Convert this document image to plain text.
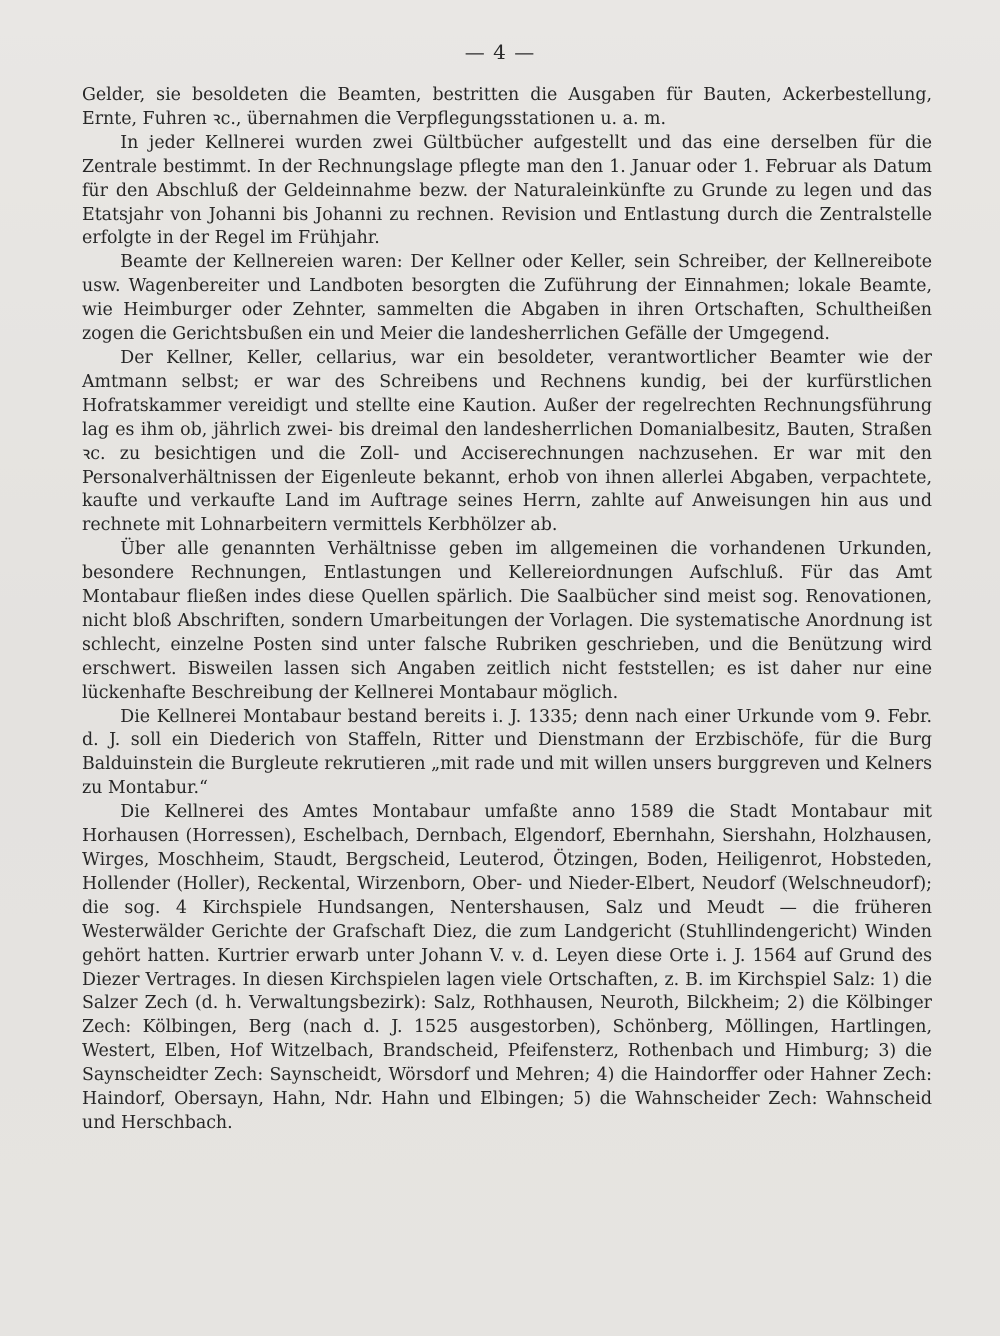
— 4 —

Gelder, sie besoldeten die Beamten, bestritten die Ausgaben für Bauten, Ackerbestellung, Ernte, Fuhren ꝛc., übernahmen die Verpflegungsstationen u. a. m.

In jeder Kellnerei wurden zwei Gültbücher aufgestellt und das eine derselben für die Zentrale bestimmt. In der Rechnungslage pflegte man den 1. Januar oder 1. Februar als Datum für den Abschluß der Geldeinnahme bezw. der Naturaleinkünfte zu Grunde zu legen und das Etatsjahr von Johanni bis Johanni zu rechnen. Revision und Entlastung durch die Zentralstelle erfolgte in der Regel im Frühjahr.

Beamte der Kellnereien waren: Der Kellner oder Keller, sein Schreiber, der Kellnereibote usw. Wagenbereiter und Landboten besorgten die Zuführung der Einnahmen; lokale Beamte, wie Heimburger oder Zehnter, sammelten die Abgaben in ihren Ortschaften, Schultheißen zogen die Gerichtsbußen ein und Meier die landesherrlichen Gefälle der Umgegend.

Der Kellner, Keller, cellarius, war ein besoldeter, verantwortlicher Beamter wie der Amtmann selbst; er war des Schreibens und Rechnens kundig, bei der kurfürstlichen Hofratskammer vereidigt und stellte eine Kaution. Außer der regelrechten Rechnungsführung lag es ihm ob, jährlich zwei- bis dreimal den landesherrlichen Domanialbesitz, Bauten, Straßen ꝛc. zu besichtigen und die Zoll- und Acciserechnungen nachzusehen. Er war mit den Personalverhältnissen der Eigenleute bekannt, erhob von ihnen allerlei Abgaben, verpachtete, kaufte und verkaufte Land im Auftrage seines Herrn, zahlte auf Anweisungen hin aus und rechnete mit Lohnarbeitern vermittels Kerbhölzer ab.

Über alle genannten Verhältnisse geben im allgemeinen die vorhandenen Urkunden, besondere Rechnungen, Entlastungen und Kellereiordnungen Aufschluß. Für das Amt Montabaur fließen indes diese Quellen spärlich. Die Saalbücher sind meist sog. Renovationen, nicht bloß Abschriften, sondern Umarbeitungen der Vorlagen. Die systematische Anordnung ist schlecht, einzelne Posten sind unter falsche Rubriken geschrieben, und die Benützung wird erschwert. Bisweilen lassen sich Angaben zeitlich nicht feststellen; es ist daher nur eine lückenhafte Beschreibung der Kellnerei Montabaur möglich.

Die Kellnerei Montabaur bestand bereits i. J. 1335; denn nach einer Urkunde vom 9. Febr. d. J. soll ein Diederich von Staffeln, Ritter und Dienstmann der Erzbischöfe, für die Burg Balduinstein die Burgleute rekrutieren „mit rade und mit willen unsers burggreven und Kelners zu Montabur.“

Die Kellnerei des Amtes Montabaur umfaßte anno 1589 die Stadt Montabaur mit Horhausen (Horressen), Eschelbach, Dernbach, Elgendorf, Ebernhahn, Siershahn, Holzhausen, Wirges, Moschheim, Staudt, Bergscheid, Leuterod, Ötzingen, Boden, Heiligenrot, Hobsteden, Hollender (Holler), Reckental, Wirzenborn, Ober- und Nieder-Elbert, Neudorf (Welschneudorf); die sog. 4 Kirchspiele Hundsangen, Nentershausen, Salz und Meudt — die früheren Westerwälder Gerichte der Grafschaft Diez, die zum Landgericht (Stuhllindengericht) Winden gehört hatten. Kurtrier erwarb unter Johann V. v. d. Leyen diese Orte i. J. 1564 auf Grund des Diezer Vertrages. In diesen Kirchspielen lagen viele Ortschaften, z. B. im Kirchspiel Salz: 1) die Salzer Zech (d. h. Verwaltungsbezirk): Salz, Rothhausen, Neuroth, Bilckheim; 2) die Kölbinger Zech: Kölbingen, Berg (nach d. J. 1525 ausgestorben), Schönberg, Möllingen, Hartlingen, Westert, Elben, Hof Witzelbach, Brandscheid, Pfeifensterz, Rothenbach und Himburg; 3) die Saynscheidter Zech: Saynscheidt, Wörsdorf und Mehren; 4) die Haindorffer oder Hahner Zech: Haindorf, Obersayn, Hahn, Ndr. Hahn und Elbingen; 5) die Wahnscheider Zech: Wahnscheid und Herschbach.
